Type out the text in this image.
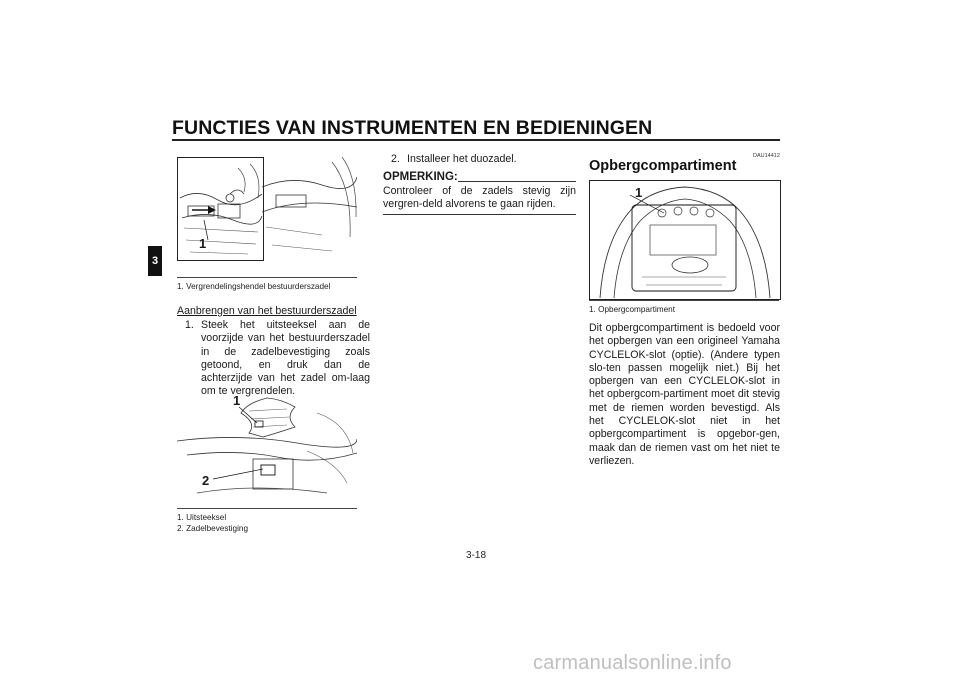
FUNCTIES VAN INSTRUMENTEN EN BEDIENINGEN
3
1
1. Vergrendelingshendel bestuurderszadel
Aanbrengen van het bestuurderszadel
1. Steek het uitsteeksel aan de voorzijde van het bestuurderszadel in de zadelbevestiging zoals getoond, en druk dan de achterzijde van het zadel om-laag om te vergrendelen.
1
2
1. Uitsteeksel
2. Zadelbevestiging
2. Installeer het duozadel.
OPMERKING:
Controleer of de zadels stevig zijn vergren-deld alvorens te gaan rijden.
DAU14412
Opbergcompartiment
1
1. Opbergcompartiment
Dit opbergcompartiment is bedoeld voor het opbergen van een origineel Yamaha CYCLELOK-slot (optie). (Andere typen slo-ten passen mogelijk niet.) Bij het opbergen van een CYCLELOK-slot in het opbergcom-partiment moet dit stevig met de riemen worden bevestigd. Als het CYCLELOK-slot niet in het opbergcompartiment is opgebor-gen, maak dan de riemen vast om het niet te verliezen.
3-18
carmanualsonline.info
